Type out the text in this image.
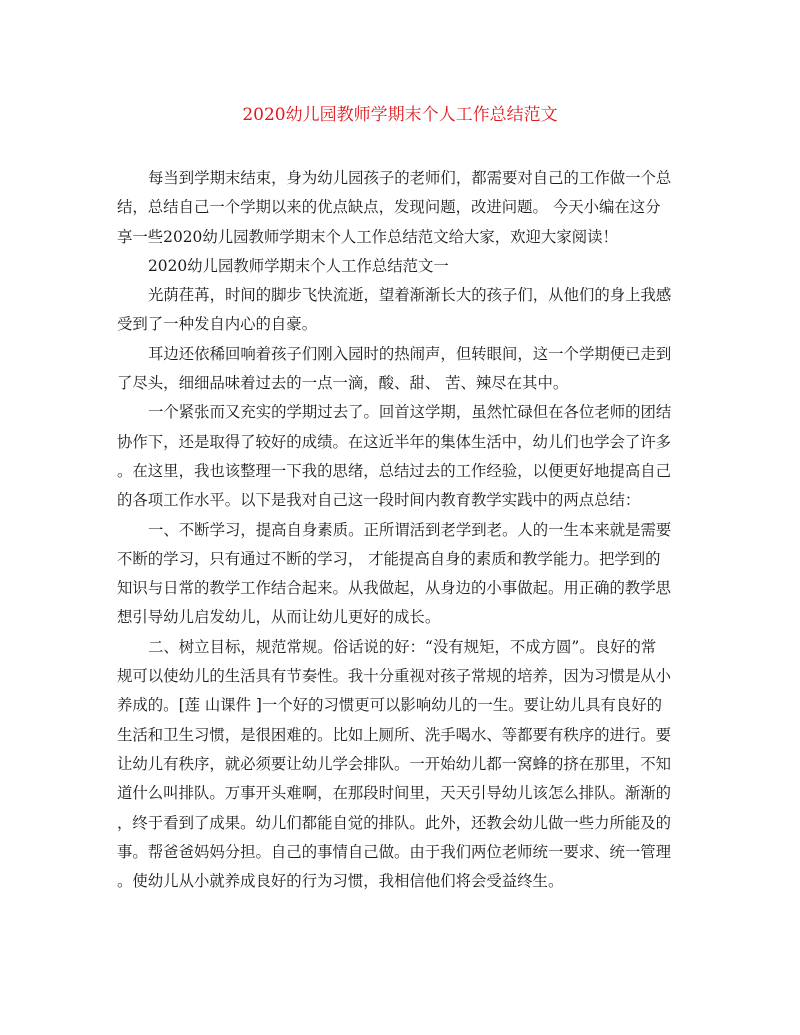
2020幼儿园教师学期末个人工作总结范文
每当到学期末结束，身为幼儿园孩子的老师们，都需要对自己的工作做一个总
结，总结自己一个学期以来的优点缺点，发现问题，改进问题。 今天小编在这分
享一些2020幼儿园教师学期末个人工作总结范文给大家，欢迎大家阅读！
2020幼儿园教师学期末个人工作总结范文一
光荫荏苒，时间的脚步飞快流逝，望着渐渐长大的孩子们，从他们的身上我感
受到了一种发自内心的自豪。
耳边还依稀回响着孩子们刚入园时的热闹声，但转眼间，这一个学期便已走到
了尽头，细细品味着过去的一点一滴，酸、甜、 苦、辣尽在其中。
一个紧张而又充实的学期过去了。回首这学期，虽然忙碌但在各位老师的团结
协作下，还是取得了较好的成绩。在这近半年的集体生活中，幼儿们也学会了许多
。在这里，我也该整理一下我的思绪，总结过去的工作经验，以便更好地提高自己
的各项工作水平。以下是我对自己这一段时间内教育教学实践中的两点总结：
一、不断学习，提高自身素质。正所谓活到老学到老。人的一生本来就是需要
不断的学习，只有通过不断的学习， 才能提高自身的素质和教学能力。把学到的
知识与日常的教学工作结合起来。从我做起，从身边的小事做起。用正确的教学思
想引导幼儿启发幼儿，从而让幼儿更好的成长。
二、树立目标，规范常规。俗话说的好：“没有规矩，不成方圆”。良好的常
规可以使幼儿的生活具有节奏性。我十分重视对孩子常规的培养，因为习惯是从小
养成的。[莲 山课件 ]一个好的习惯更可以影响幼儿的一生。要让幼儿具有良好的
生活和卫生习惯，是很困难的。比如上厕所、洗手喝水、等都要有秩序的进行。要
让幼儿有秩序，就必须要让幼儿学会排队。一开始幼儿都一窝蜂的挤在那里，不知
道什么叫排队。万事开头难啊，在那段时间里，天天引导幼儿该怎么排队。渐渐的
，终于看到了成果。幼儿们都能自觉的排队。此外，还教会幼儿做一些力所能及的
事。帮爸爸妈妈分担。自己的事情自己做。由于我们两位老师统一要求、统一管理
。使幼儿从小就养成良好的行为习惯，我相信他们将会受益终生。
